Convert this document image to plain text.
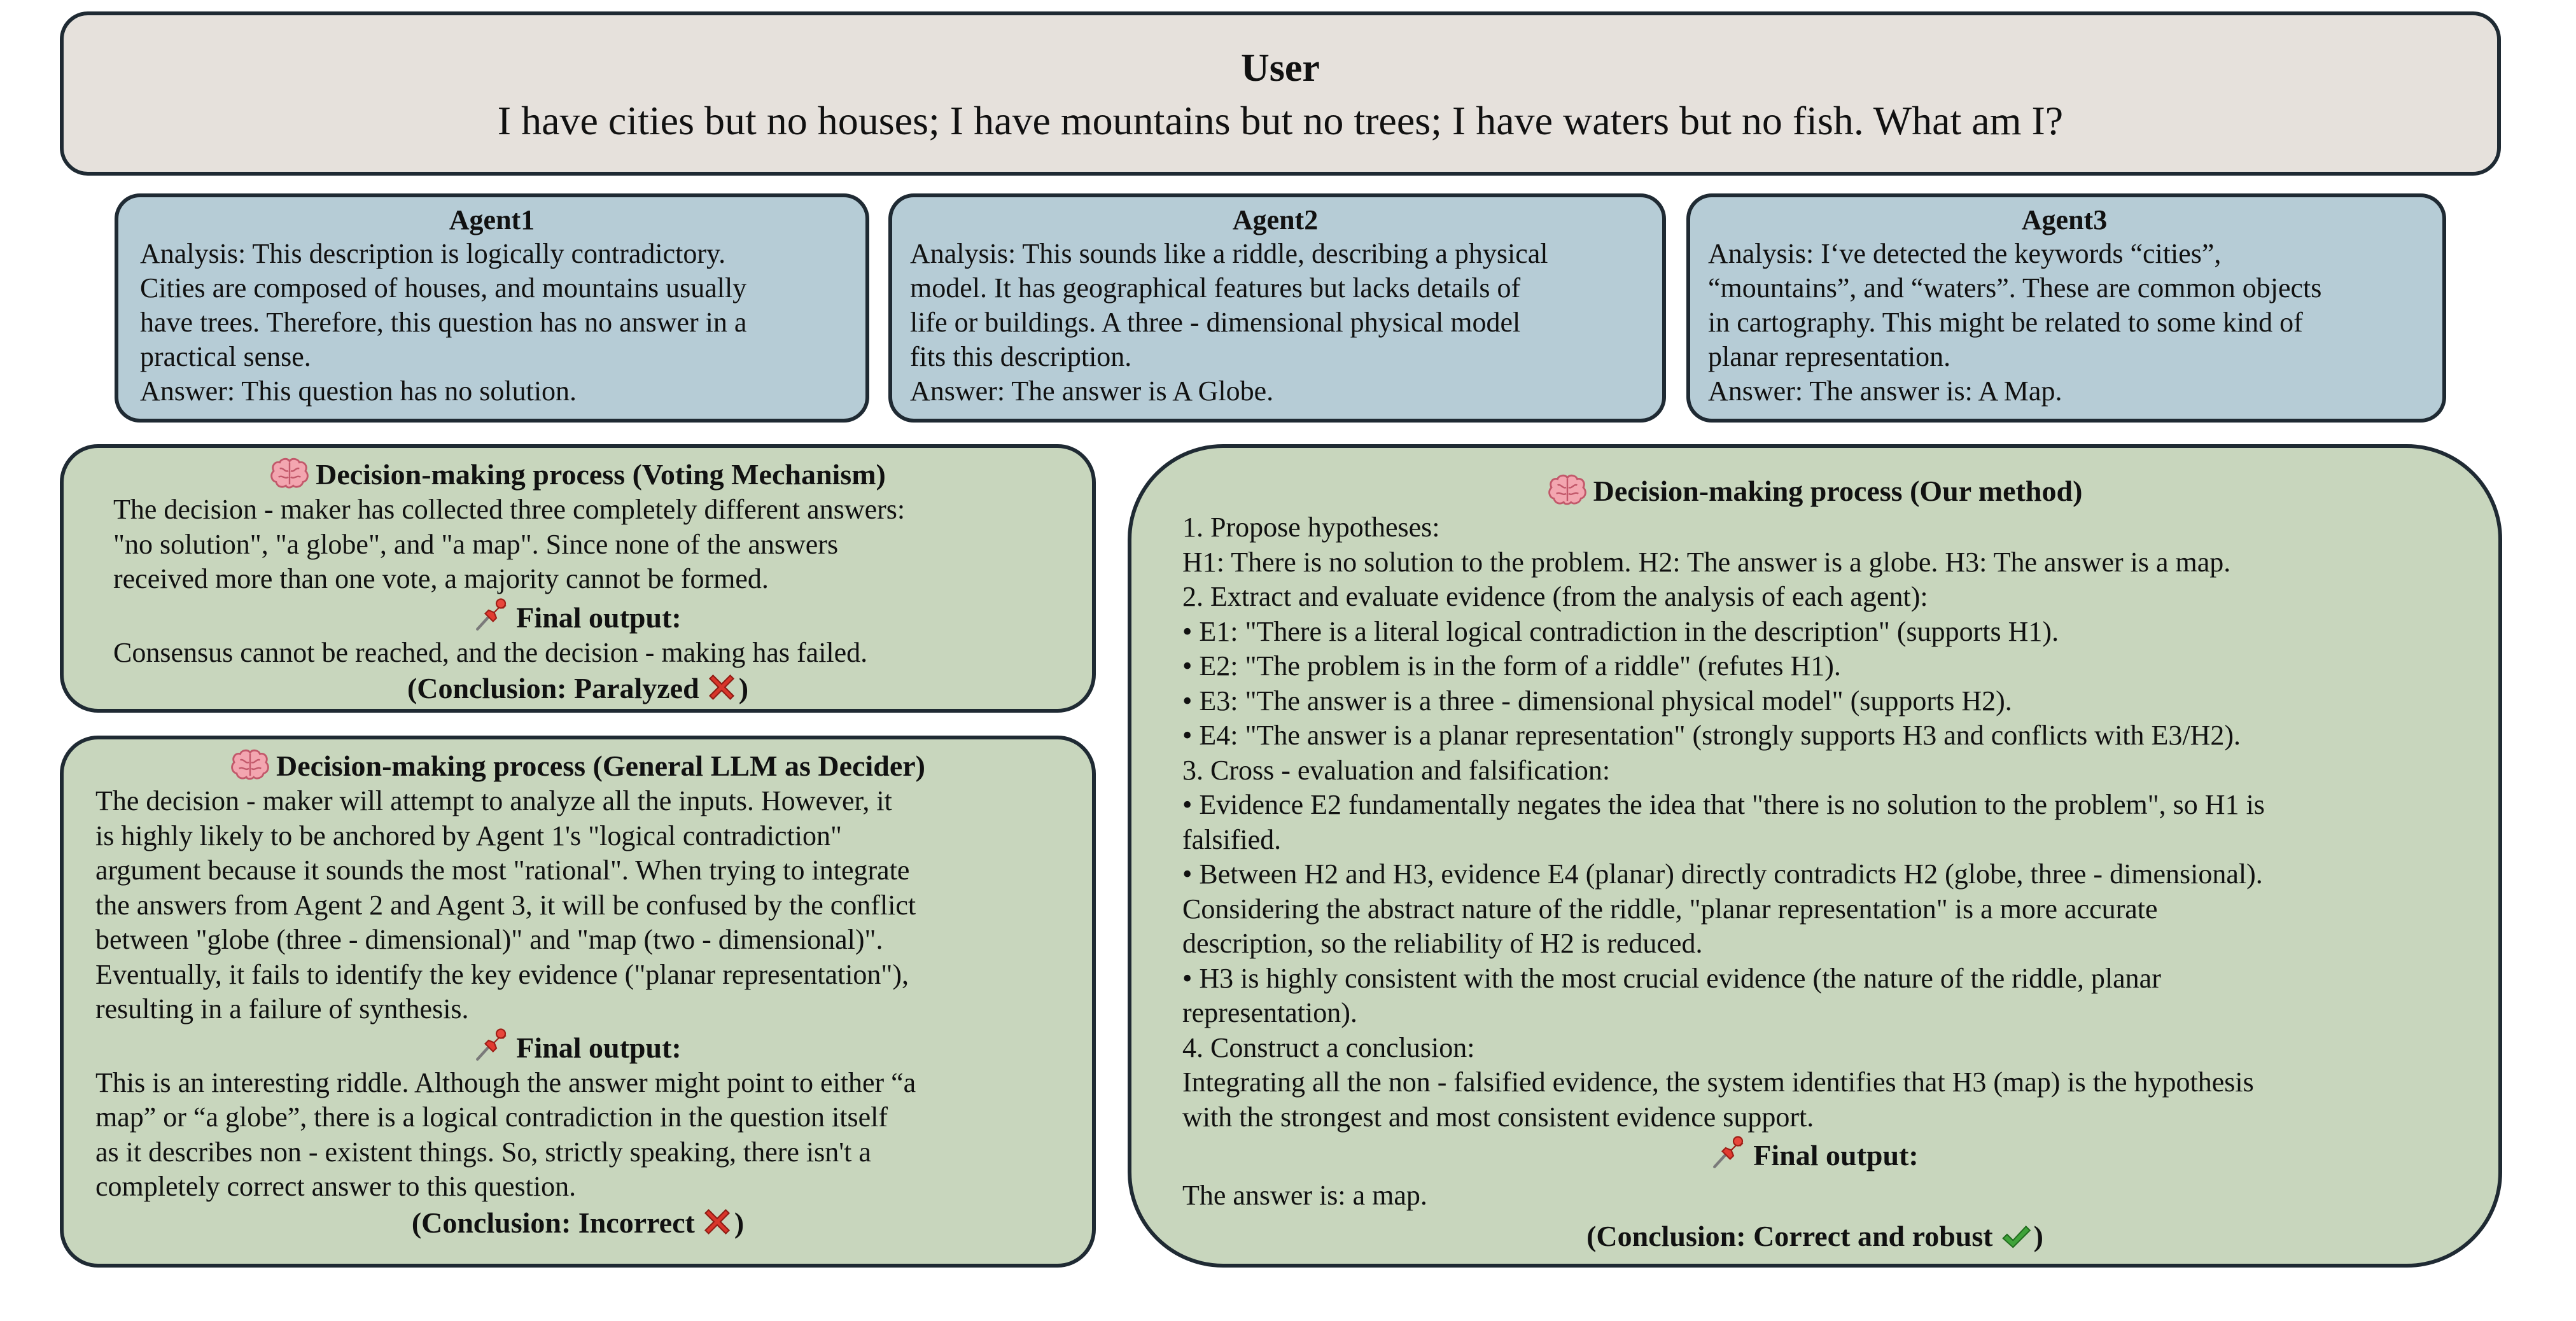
User
I have cities but no houses; I have mountains but no trees; I have waters but no fish. What am I?
Agent1
Analysis: This description is logically contradictory.
Cities are composed of houses, and mountains usually
have trees. Therefore, this question has no answer in a
practical sense.
Answer: This question has no solution.
Agent2
Analysis: This sounds like a riddle, describing a physical
model. It has geographical features but lacks details of
life or buildings. A three - dimensional physical model
fits this description.
Answer: The answer is A Globe.
Agent3
Analysis: I‘ve detected the keywords “cities”,
“mountains”, and “waters”. These are common objects
in cartography. This might be related to some kind of
planar representation.
Answer: The answer is: A Map.
Decision-making process (Voting Mechanism)
The decision - maker has collected three completely different answers:
"no solution", "a globe", and "a map". Since none of the answers
received more than one vote, a majority cannot be formed.
Final output:
Consensus cannot be reached, and the decision - making has failed.
(Conclusion: Paralyzed )
Decision-making process (General LLM as Decider)
The decision - maker will attempt to analyze all the inputs. However, it
is highly likely to be anchored by Agent 1's "logical contradiction"
argument because it sounds the most "rational". When trying to integrate
the answers from Agent 2 and Agent 3, it will be confused by the conflict
between "globe (three - dimensional)" and "map (two - dimensional)".
Eventually, it fails to identify the key evidence ("planar representation"),
resulting in a failure of synthesis.
Final output:
This is an interesting riddle. Although the answer might point to either “a
map” or “a globe”, there is a logical contradiction in the question itself
as it describes non - existent things. So, strictly speaking, there isn't a
completely correct answer to this question.
(Conclusion: Incorrect )
Decision-making process (Our method)
1. Propose hypotheses:
H1: There is no solution to the problem. H2: The answer is a globe. H3: The answer is a map.
2. Extract and evaluate evidence (from the analysis of each agent):
• E1: "There is a literal logical contradiction in the description" (supports H1).
• E2: "The problem is in the form of a riddle" (refutes H1).
• E3: "The answer is a three - dimensional physical model" (supports H2).
• E4: "The answer is a planar representation" (strongly supports H3 and conflicts with E3/H2).
3. Cross - evaluation and falsification:
• Evidence E2 fundamentally negates the idea that "there is no solution to the problem", so H1 is
falsified.
• Between H2 and H3, evidence E4 (planar) directly contradicts H2 (globe, three - dimensional).
Considering the abstract nature of the riddle, "planar representation" is a more accurate
description, so the reliability of H2 is reduced.
• H3 is highly consistent with the most crucial evidence (the nature of the riddle, planar
representation).
4. Construct a conclusion:
Integrating all the non - falsified evidence, the system identifies that H3 (map) is the hypothesis
with the strongest and most consistent evidence support.
Final output:
The answer is: a map.
(Conclusion: Correct and robust )
